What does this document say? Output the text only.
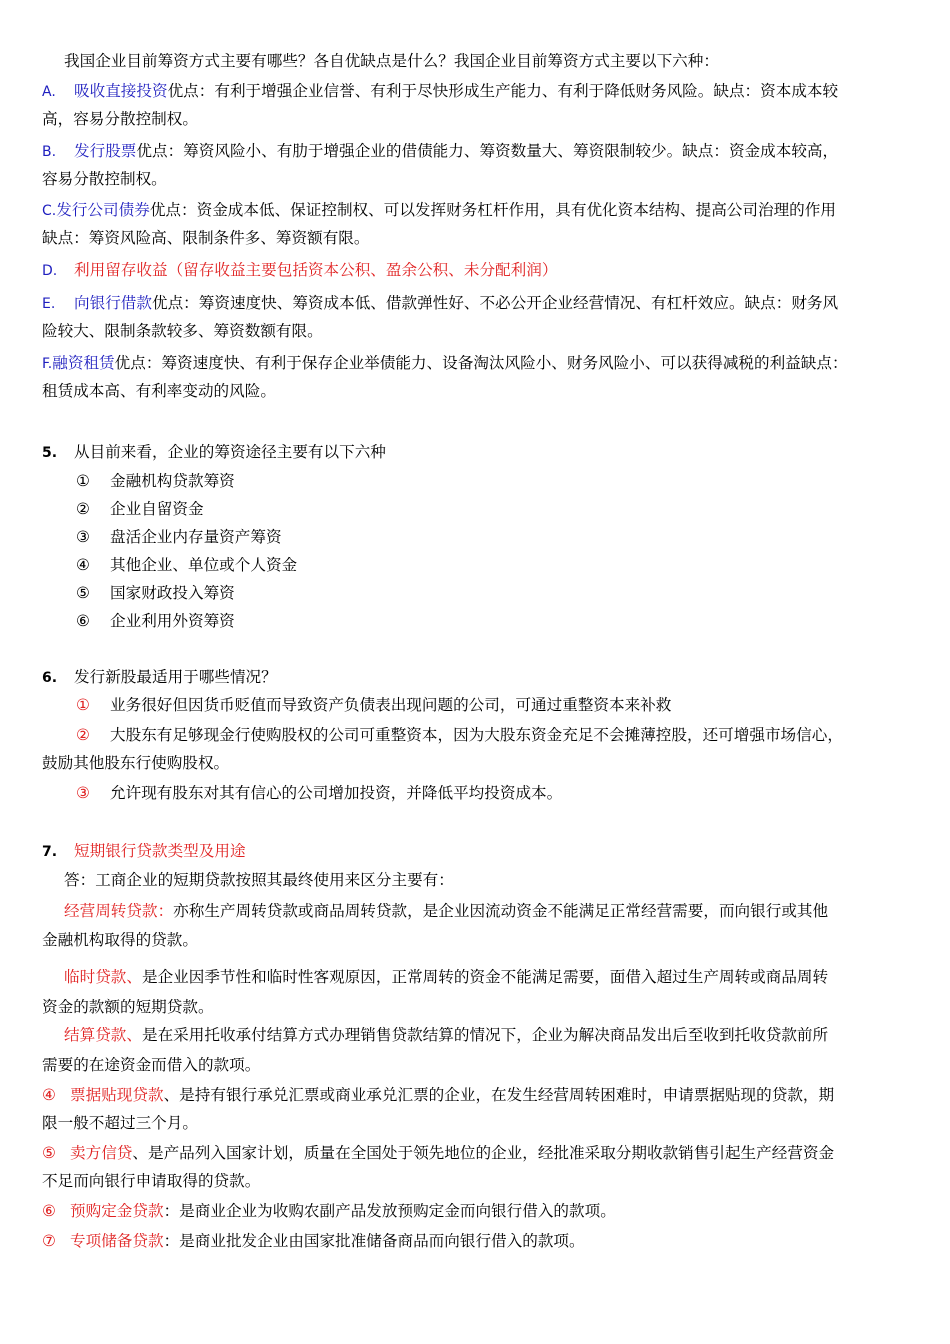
我国企业目前筹资方式主要有哪些？各自优缺点是什么？我国企业目前筹资方式主要以下六种：
A. 吸收直接投资优点：有利于增强企业信誉、有利于尽快形成生产能力、有利于降低财务风险。缺点：资本成本较
高，容易分散控制权。
B. 发行股票优点：筹资风险小、有肋于增强企业的借债能力、筹资数量大、筹资限制较少。缺点：资金成本较高，
容易分散控制权。
C.发行公司债券优点：资金成本低、保证控制权、可以发挥财务杠杆作用，具有优化资本结构、提高公司治理的作用
缺点：筹资风险高、限制条件多、筹资额有限。
D. 利用留存收益（留存收益主要包括资本公积、盈余公积、未分配利润）
E. 向银行借款优点：筹资速度快、筹资成本低、借款弹性好、不必公开企业经营情况、有杠杆效应。缺点：财务风
险较大、限制条款较多、筹资数额有限。
F.融资租赁优点：筹资速度快、有利于保存企业举债能力、设备淘汰风险小、财务风险小、可以获得减税的利益缺点：
租赁成本高、有利率变动的风险。
5. 从目前来看，企业的筹资途径主要有以下六种
① 金融机构贷款筹资
② 企业自留资金
③ 盘活企业内存量资产筹资
④ 其他企业、单位或个人资金
⑤ 国家财政投入筹资
⑥ 企业利用外资筹资
6. 发行新股最适用于哪些情况？
① 业务很好但因货币贬值而导致资产负债表出现问题的公司，可通过重整资本来补救
② 大股东有足够现金行使购股权的公司可重整资本，因为大股东资金充足不会摊薄控股，还可增强市场信心，
鼓励其他股东行使购股权。
③ 允许现有股东对其有信心的公司增加投资，并降低平均投资成本。
7. 短期银行贷款类型及用途
答：工商企业的短期贷款按照其最终使用来区分主要有：
经营周转贷款：亦称生产周转贷款或商品周转贷款，是企业因流动资金不能满足正常经营需要，而向银行或其他
金融机构取得的贷款。
临时贷款、是企业因季节性和临时性客观原因，正常周转的资金不能满足需要，面借入超过生产周转或商品周转
资金的款额的短期贷款。
结算贷款、是在采用托收承付结算方式办理销售贷款结算的情况下，企业为解决商品发出后至收到托收贷款前所
需要的在途资金而借入的款项。
④ 票据贴现贷款、是持有银行承兑汇票或商业承兑汇票的企业，在发生经营周转困难时，申请票据贴现的贷款，期
限一般不超过三个月。
⑤ 卖方信贷、是产品列入国家计划，质量在全国处于领先地位的企业，经批准采取分期收款销售引起生产经营资金
不足而向银行申请取得的贷款。
⑥ 预购定金贷款：是商业企业为收购农副产品发放预购定金而向银行借入的款项。
⑦ 专项储备贷款：是商业批发企业由国家批准储备商品而向银行借入的款项。
